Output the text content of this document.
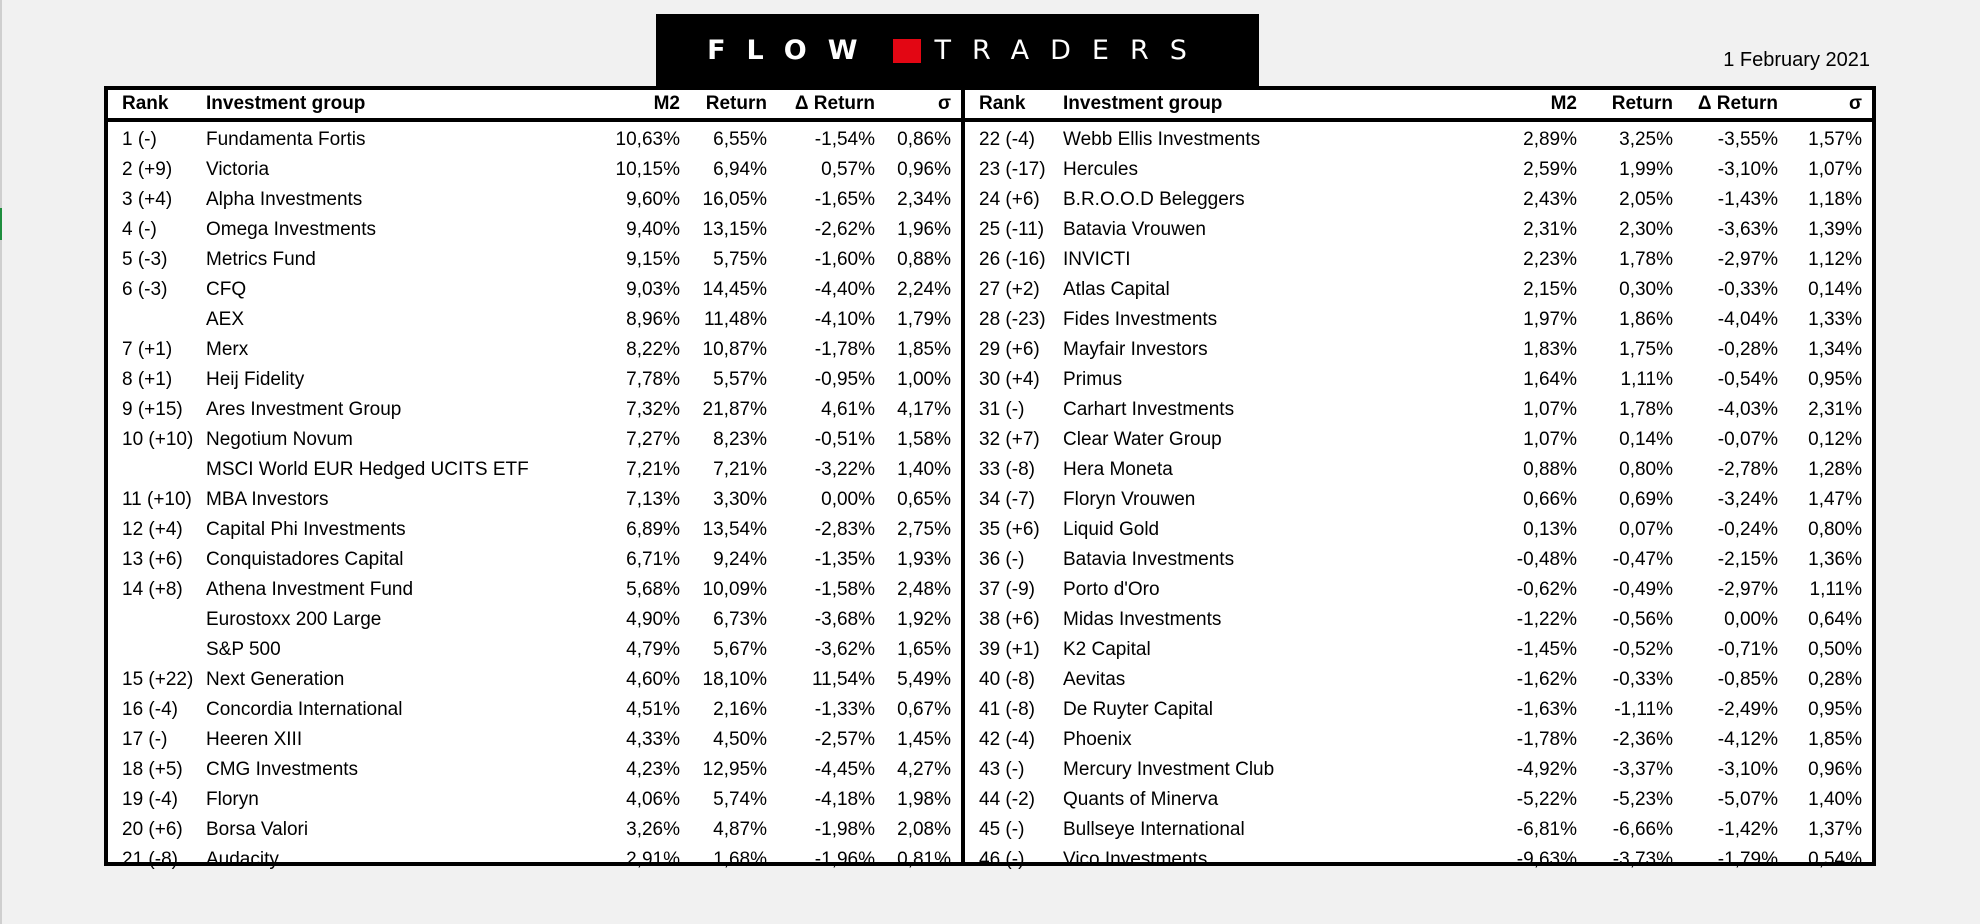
FLOW TRADERS	1 February 2021
Rank	Investment group	M2	Return	Δ Return	σ
1 (-)	Fundamenta Fortis	10,63%	6,55%	-1,54%	0,86%
2 (+9)	Victoria	10,15%	6,94%	0,57%	0,96%
3 (+4)	Alpha Investments	9,60%	16,05%	-1,65%	2,34%
4 (-)	Omega Investments	9,40%	13,15%	-2,62%	1,96%
5 (-3)	Metrics Fund	9,15%	5,75%	-1,60%	0,88%
6 (-3)	CFQ	9,03%	14,45%	-4,40%	2,24%
	AEX	8,96%	11,48%	-4,10%	1,79%
7 (+1)	Merx	8,22%	10,87%	-1,78%	1,85%
8 (+1)	Heij Fidelity	7,78%	5,57%	-0,95%	1,00%
9 (+15)	Ares Investment Group	7,32%	21,87%	4,61%	4,17%
10 (+10)	Negotium Novum	7,27%	8,23%	-0,51%	1,58%
	MSCI World EUR Hedged UCITS ETF	7,21%	7,21%	-3,22%	1,40%
11 (+10)	MBA Investors	7,13%	3,30%	0,00%	0,65%
12 (+4)	Capital Phi Investments	6,89%	13,54%	-2,83%	2,75%
13 (+6)	Conquistadores Capital	6,71%	9,24%	-1,35%	1,93%
14 (+8)	Athena Investment Fund	5,68%	10,09%	-1,58%	2,48%
	Eurostoxx 200 Large	4,90%	6,73%	-3,68%	1,92%
	S&P 500	4,79%	5,67%	-3,62%	1,65%
15 (+22)	Next Generation	4,60%	18,10%	11,54%	5,49%
16 (-4)	Concordia International	4,51%	2,16%	-1,33%	0,67%
17 (-)	Heeren XIII	4,33%	4,50%	-2,57%	1,45%
18 (+5)	CMG Investments	4,23%	12,95%	-4,45%	4,27%
19 (-4)	Floryn	4,06%	5,74%	-4,18%	1,98%
20 (+6)	Borsa Valori	3,26%	4,87%	-1,98%	2,08%
21 (-8)	Audacity	2,91%	1,68%	-1,96%	0,81%
Rank	Investment group	M2	Return	Δ Return	σ
22 (-4)	Webb Ellis Investments	2,89%	3,25%	-3,55%	1,57%
23 (-17)	Hercules	2,59%	1,99%	-3,10%	1,07%
24 (+6)	B.R.O.O.D Beleggers	2,43%	2,05%	-1,43%	1,18%
25 (-11)	Batavia Vrouwen	2,31%	2,30%	-3,63%	1,39%
26 (-16)	INVICTI	2,23%	1,78%	-2,97%	1,12%
27 (+2)	Atlas Capital	2,15%	0,30%	-0,33%	0,14%
28 (-23)	Fides Investments	1,97%	1,86%	-4,04%	1,33%
29 (+6)	Mayfair Investors	1,83%	1,75%	-0,28%	1,34%
30 (+4)	Primus	1,64%	1,11%	-0,54%	0,95%
31 (-)	Carhart Investments	1,07%	1,78%	-4,03%	2,31%
32 (+7)	Clear Water Group	1,07%	0,14%	-0,07%	0,12%
33 (-8)	Hera Moneta	0,88%	0,80%	-2,78%	1,28%
34 (-7)	Floryn Vrouwen	0,66%	0,69%	-3,24%	1,47%
35 (+6)	Liquid Gold	0,13%	0,07%	-0,24%	0,80%
36 (-)	Batavia Investments	-0,48%	-0,47%	-2,15%	1,36%
37 (-9)	Porto d'Oro	-0,62%	-0,49%	-2,97%	1,11%
38 (+6)	Midas Investments	-1,22%	-0,56%	0,00%	0,64%
39 (+1)	K2 Capital	-1,45%	-0,52%	-0,71%	0,50%
40 (-8)	Aevitas	-1,62%	-0,33%	-0,85%	0,28%
41 (-8)	De Ruyter Capital	-1,63%	-1,11%	-2,49%	0,95%
42 (-4)	Phoenix	-1,78%	-2,36%	-4,12%	1,85%
43 (-)	Mercury Investment Club	-4,92%	-3,37%	-3,10%	0,96%
44 (-2)	Quants of Minerva	-5,22%	-5,23%	-5,07%	1,40%
45 (-)	Bullseye International	-6,81%	-6,66%	-1,42%	1,37%
46 (-)	Vico Investments	-9,63%	-3,73%	-1,79%	0,54%
